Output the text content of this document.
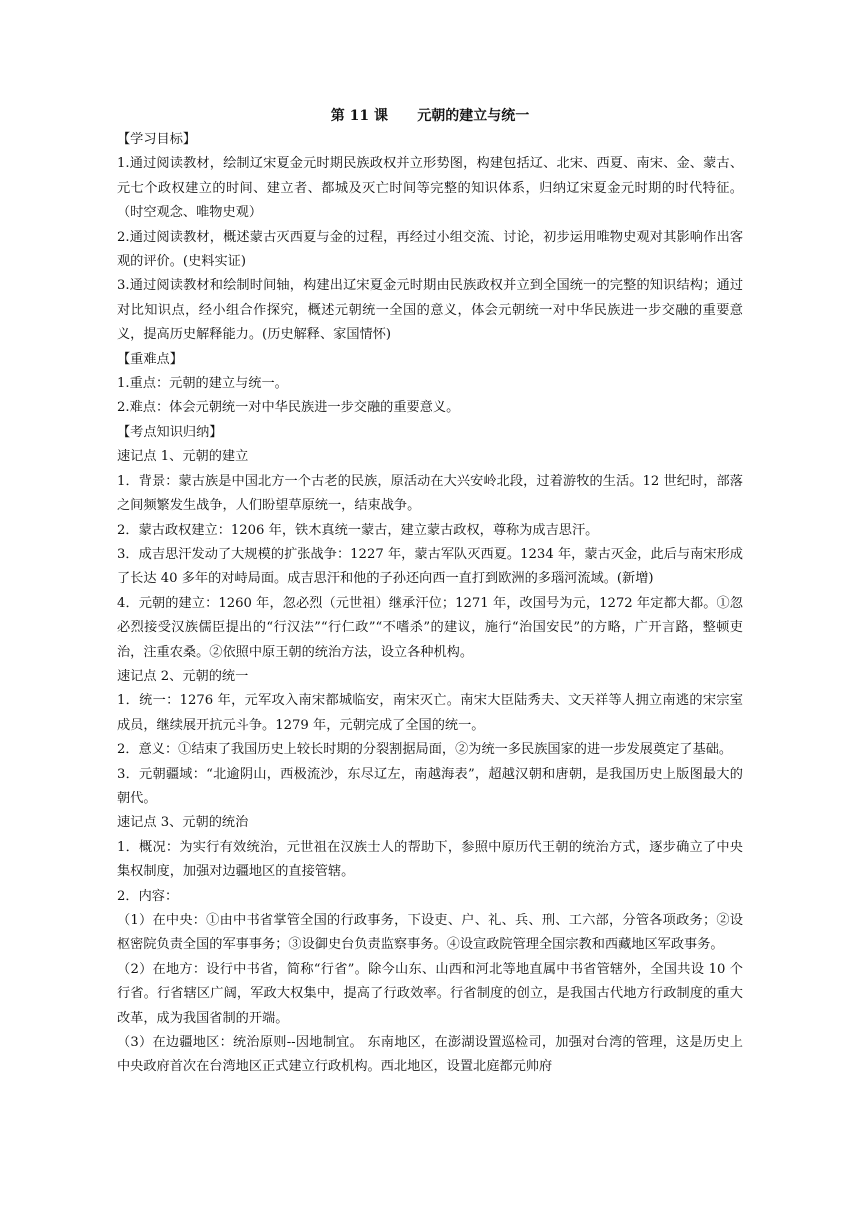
第 11 课      元朝的建立与统一

【学习目标】

1.通过阅读教材，绘制辽宋夏金元时期民族政权并立形势图，构建包括辽、北宋、西夏、南宋、金、蒙古、元七个政权建立的时间、建立者、都城及灭亡时间等完整的知识体系，归纳辽宋夏金元时期的时代特征。（时空观念、唯物史观）

2.通过阅读教材，概述蒙古灭西夏与金的过程，再经过小组交流、讨论，初步运用唯物史观对其影响作出客观的评价。(史料实证)

3.通过阅读教材和绘制时间轴，构建出辽宋夏金元时期由民族政权并立到全国统一的完整的知识结构；通过对比知识点，经小组合作探究，概述元朝统一全国的意义，体会元朝统一对中华民族进一步交融的重要意义，提高历史解释能力。(历史解释、家国情怀)

【重难点】

1.重点：元朝的建立与统一。

2.难点：体会元朝统一对中华民族进一步交融的重要意义。

【考点知识归纳】

速记点 1、元朝的建立

1．背景：蒙古族是中国北方一个古老的民族，原活动在大兴安岭北段，过着游牧的生活。12 世纪时，部落之间频繁发生战争，人们盼望草原统一，结束战争。

2．蒙古政权建立：1206 年，铁木真统一蒙古，建立蒙古政权，尊称为成吉思汗。

3．成吉思汗发动了大规模的扩张战争：1227 年，蒙古军队灭西夏。1234 年，蒙古灭金，此后与南宋形成了长达 40 多年的对峙局面。成吉思汗和他的子孙还向西一直打到欧洲的多瑙河流域。(新增)

4．元朝的建立：1260 年，忽必烈（元世祖）继承汗位；1271 年，改国号为元，1272 年定都大都。①忽必烈接受汉族儒臣提出的“行汉法”“行仁政”“不嗜杀”的建议，施行“治国安民”的方略，广开言路，整顿吏治，注重农桑。②依照中原王朝的统治方法，设立各种机构。

速记点 2、元朝的统一

1．统一：1276 年，元军攻入南宋都城临安，南宋灭亡。南宋大臣陆秀夫、文天祥等人拥立南逃的宋宗室成员，继续展开抗元斗争。1279 年，元朝完成了全国的统一。

2．意义：①结束了我国历史上较长时期的分裂割据局面，②为统一多民族国家的进一步发展奠定了基础。

3．元朝疆域：“北逾阴山，西极流沙，东尽辽左，南越海表”，超越汉朝和唐朝，是我国历史上版图最大的朝代。

速记点 3、元朝的统治

1．概况：为实行有效统治，元世祖在汉族士人的帮助下，参照中原历代王朝的统治方式，逐步确立了中央集权制度，加强对边疆地区的直接管辖。

2．内容：

（1）在中央：①由中书省掌管全国的行政事务，下设吏、户、礼、兵、刑、工六部，分管各项政务；②设枢密院负责全国的军事事务；③设御史台负责监察事务。④设宣政院管理全国宗教和西藏地区军政事务。

（2）在地方：设行中书省，简称“行省”。除今山东、山西和河北等地直属中书省管辖外，全国共设 10 个行省。行省辖区广阔，军政大权集中，提高了行政效率。行省制度的创立，是我国古代地方行政制度的重大改革，成为我国省制的开端。

（3）在边疆地区：统治原则--因地制宜。 东南地区，在澎湖设置巡检司，加强对台湾的管理，这是历史上中央政府首次在台湾地区正式建立行政机构。西北地区，设置北庭都元帅府
